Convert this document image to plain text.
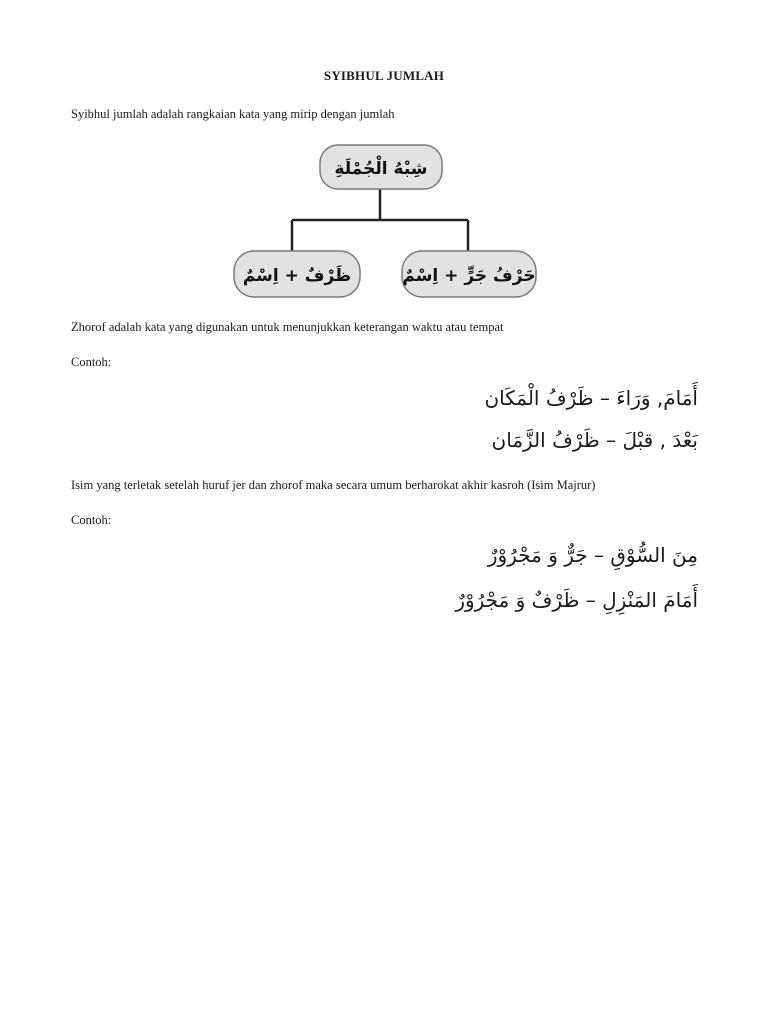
SYIBHUL JUMLAH
Syibhul jumlah adalah rangkaian kata yang mirip dengan jumlah
شِبْهُ الْجُمْلَةِ
ظَرْفٌ + اِسْمٌ	حَرْفُ جَرٍّ + اِسْمٌ
Zhorof adalah kata yang digunakan untuk menunjukkan keterangan waktu atau tempat
Contoh:
أَمَامَ, وَرَاءَ – ظَرْفُ الْمَكَان
بَعْدَ , قبْلَ – ظَرْفُ الزَّمَان
Isim yang terletak setelah huruf jer dan zhorof maka secara umum berharokat akhir kasroh (Isim Majrur)
Contoh:
مِنَ السُّوْقِ – جَرٌّ وَ مَجْرُوْرٌ
أَمَامَ المَنْزِلِ – ظَرْفٌ وَ مَجْرُوْرٌ
